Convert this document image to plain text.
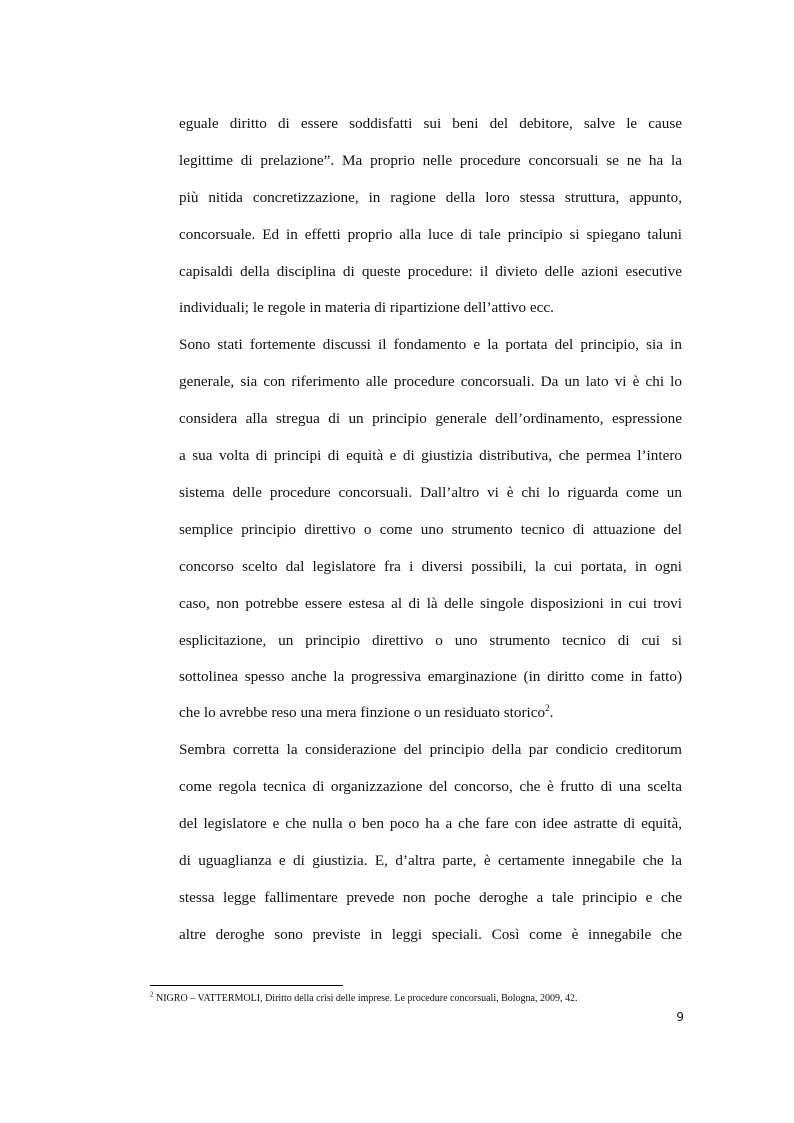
eguale diritto di essere soddisfatti sui beni del debitore, salve le cause
legittime di prelazione”. Ma proprio nelle procedure concorsuali se ne ha la
più nitida concretizzazione, in ragione della loro stessa struttura, appunto,
concorsuale. Ed in effetti proprio alla luce di tale principio si spiegano taluni
capisaldi della disciplina di queste procedure: il divieto delle azioni esecutive
individuali; le regole in materia di ripartizione dell’attivo ecc.
Sono stati fortemente discussi il fondamento e la portata del principio, sia in
generale, sia con riferimento alle procedure concorsuali. Da un lato vi è chi lo
considera alla stregua di un principio generale dell’ordinamento, espressione
a sua volta di principi di equità e di giustizia distributiva, che permea l’intero
sistema delle procedure concorsuali. Dall’altro vi è chi lo riguarda come un
semplice principio direttivo o come uno strumento tecnico di attuazione del
concorso scelto dal legislatore fra i diversi possibili, la cui portata, in ogni
caso, non potrebbe essere estesa al di là delle singole disposizioni in cui trovi
esplicitazione, un principio direttivo o uno strumento tecnico di cui si
sottolinea spesso anche la progressiva emarginazione (in diritto come in fatto)
che lo avrebbe reso una mera finzione o un residuato storico$^2$.
Sembra corretta la considerazione del principio della par condicio creditorum
come regola tecnica di organizzazione del concorso, che è frutto di una scelta
del legislatore e che nulla o ben poco ha a che fare con idee astratte di equità,
di uguaglianza e di giustizia. E, d’altra parte, è certamente innegabile che la
stessa legge fallimentare prevede non poche deroghe a tale principio e che
altre deroghe sono previste in leggi speciali. Così come è innegabile che
$^2$ NIGRO – VATTERMOLI, Diritto della crisi delle imprese. Le procedure concorsuali, Bologna, 2009, 42.
9
